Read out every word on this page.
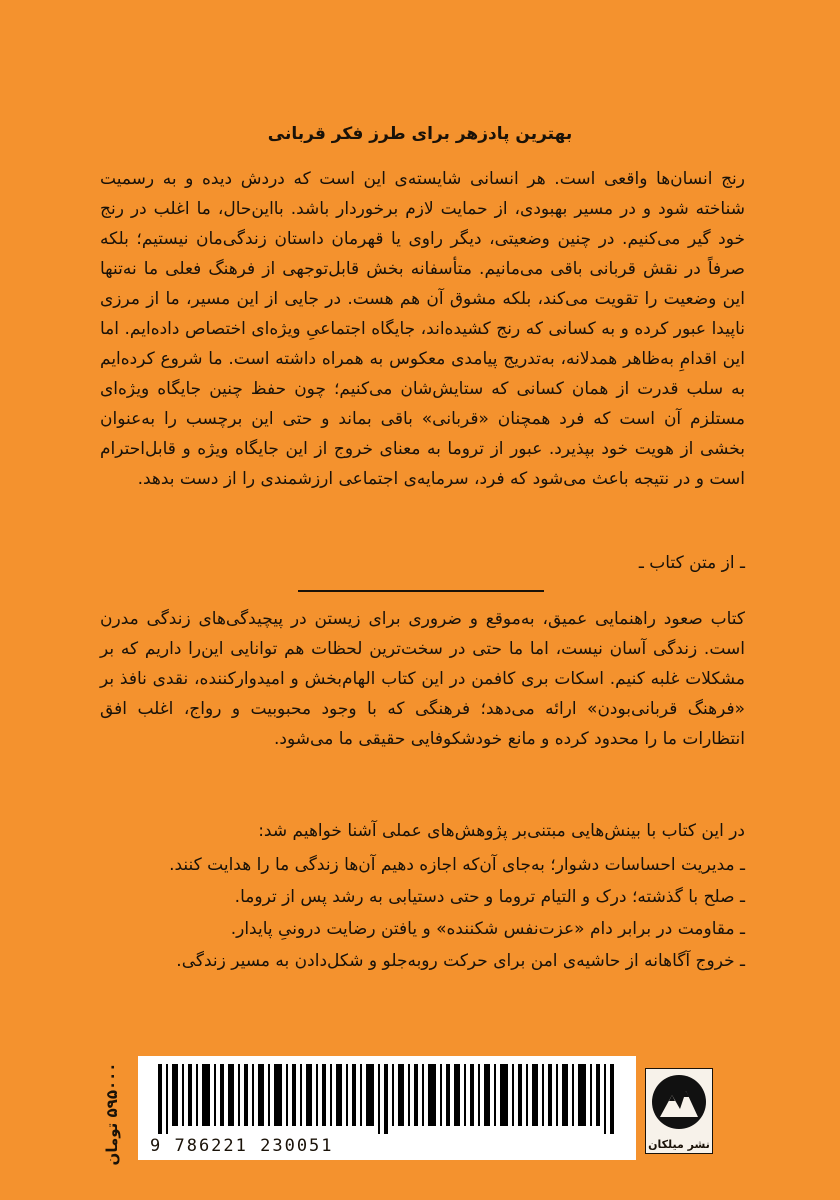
بهترین پادزهر برای طرز فکر قربانی
رنج انسان‌ها واقعی است. هر انسانی شایسته‌ی این است که دردش دیده و به رسمیت شناخته شود و در مسیر بهبودی، از حمایت لازم برخوردار باشد. بااین‌حال، ما اغلب در رنج خود گیر می‌کنیم. در چنین وضعیتی، دیگر راوی یا قهرمان داستان زندگی‌مان نیستیم؛ بلکه صرفاً در نقش قربانی باقی می‌مانیم. متأسفانه بخش قابل‌توجهی از فرهنگ فعلی ما نه‌تنها این وضعیت را تقویت می‌کند، بلکه مشوق آن هم هست. در جایی از این مسیر، ما از مرزی ناپیدا عبور کرده و به کسانی که رنج کشیده‌اند، جایگاه اجتماعیِ ویژه‌ای اختصاص داده‌ایم. اما این اقدامِ به‌ظاهر همدلانه، به‌تدریج پیامدی معکوس به همراه داشته است. ما شروع کرده‌ایم به سلب قدرت از همان کسانی که ستایش‌شان می‌کنیم؛ چون حفظ چنین جایگاه ویژه‌ای مستلزم آن است که فرد همچنان «قربانی» باقی بماند و حتی این برچسب را به‌عنوان بخشی از هویت خود بپذیرد. عبور از تروما به معنای خروج از این جایگاه ویژه و قابل‌احترام است و در نتیجه باعث می‌شود که فرد، سرمایه‌ی اجتماعی ارزشمندی را از دست بدهد.
ـ از متن کتاب ـ
کتاب صعود راهنمایی عمیق، به‌موقع و ضروری برای زیستن در پیچیدگی‌های زندگی مدرن است. زندگی آسان نیست، اما ما حتی در سخت‌ترین لحظات هم توانایی این‌را داریم که بر مشکلات غلبه کنیم. اسکات بری کافمن در این کتاب الهام‌بخش و امیدوارکننده، نقدی نافذ بر «فرهنگ قربانی‌بودن» ارائه می‌دهد؛ فرهنگی که با وجود محبوبیت و رواج، اغلب افق انتظارات ما را محدود کرده و مانع خودشکوفایی حقیقی ما می‌شود.
در این کتاب با بینش‌هایی مبتنی‌بر پژوهش‌های عملی آشنا خواهیم شد:
ـ مدیریت احساسات دشوار؛ به‌جای آن‌که اجازه دهیم آن‌ها زندگی ما را هدایت کنند.
ـ صلح با گذشته؛ درک و التیام تروما و حتی دستیابی به رشد پس از تروما.
ـ مقاومت در برابر دام «عزت‌نفس شکننده» و یافتن رضایت درونیِ پایدار.
ـ خروج آگاهانه از حاشیه‌ی امن برای حرکت روبه‌جلو و شکل‌دادن به مسیر زندگی.
نشر میلکان
9 786221 230051
۵۹۵۰۰۰ تومان
